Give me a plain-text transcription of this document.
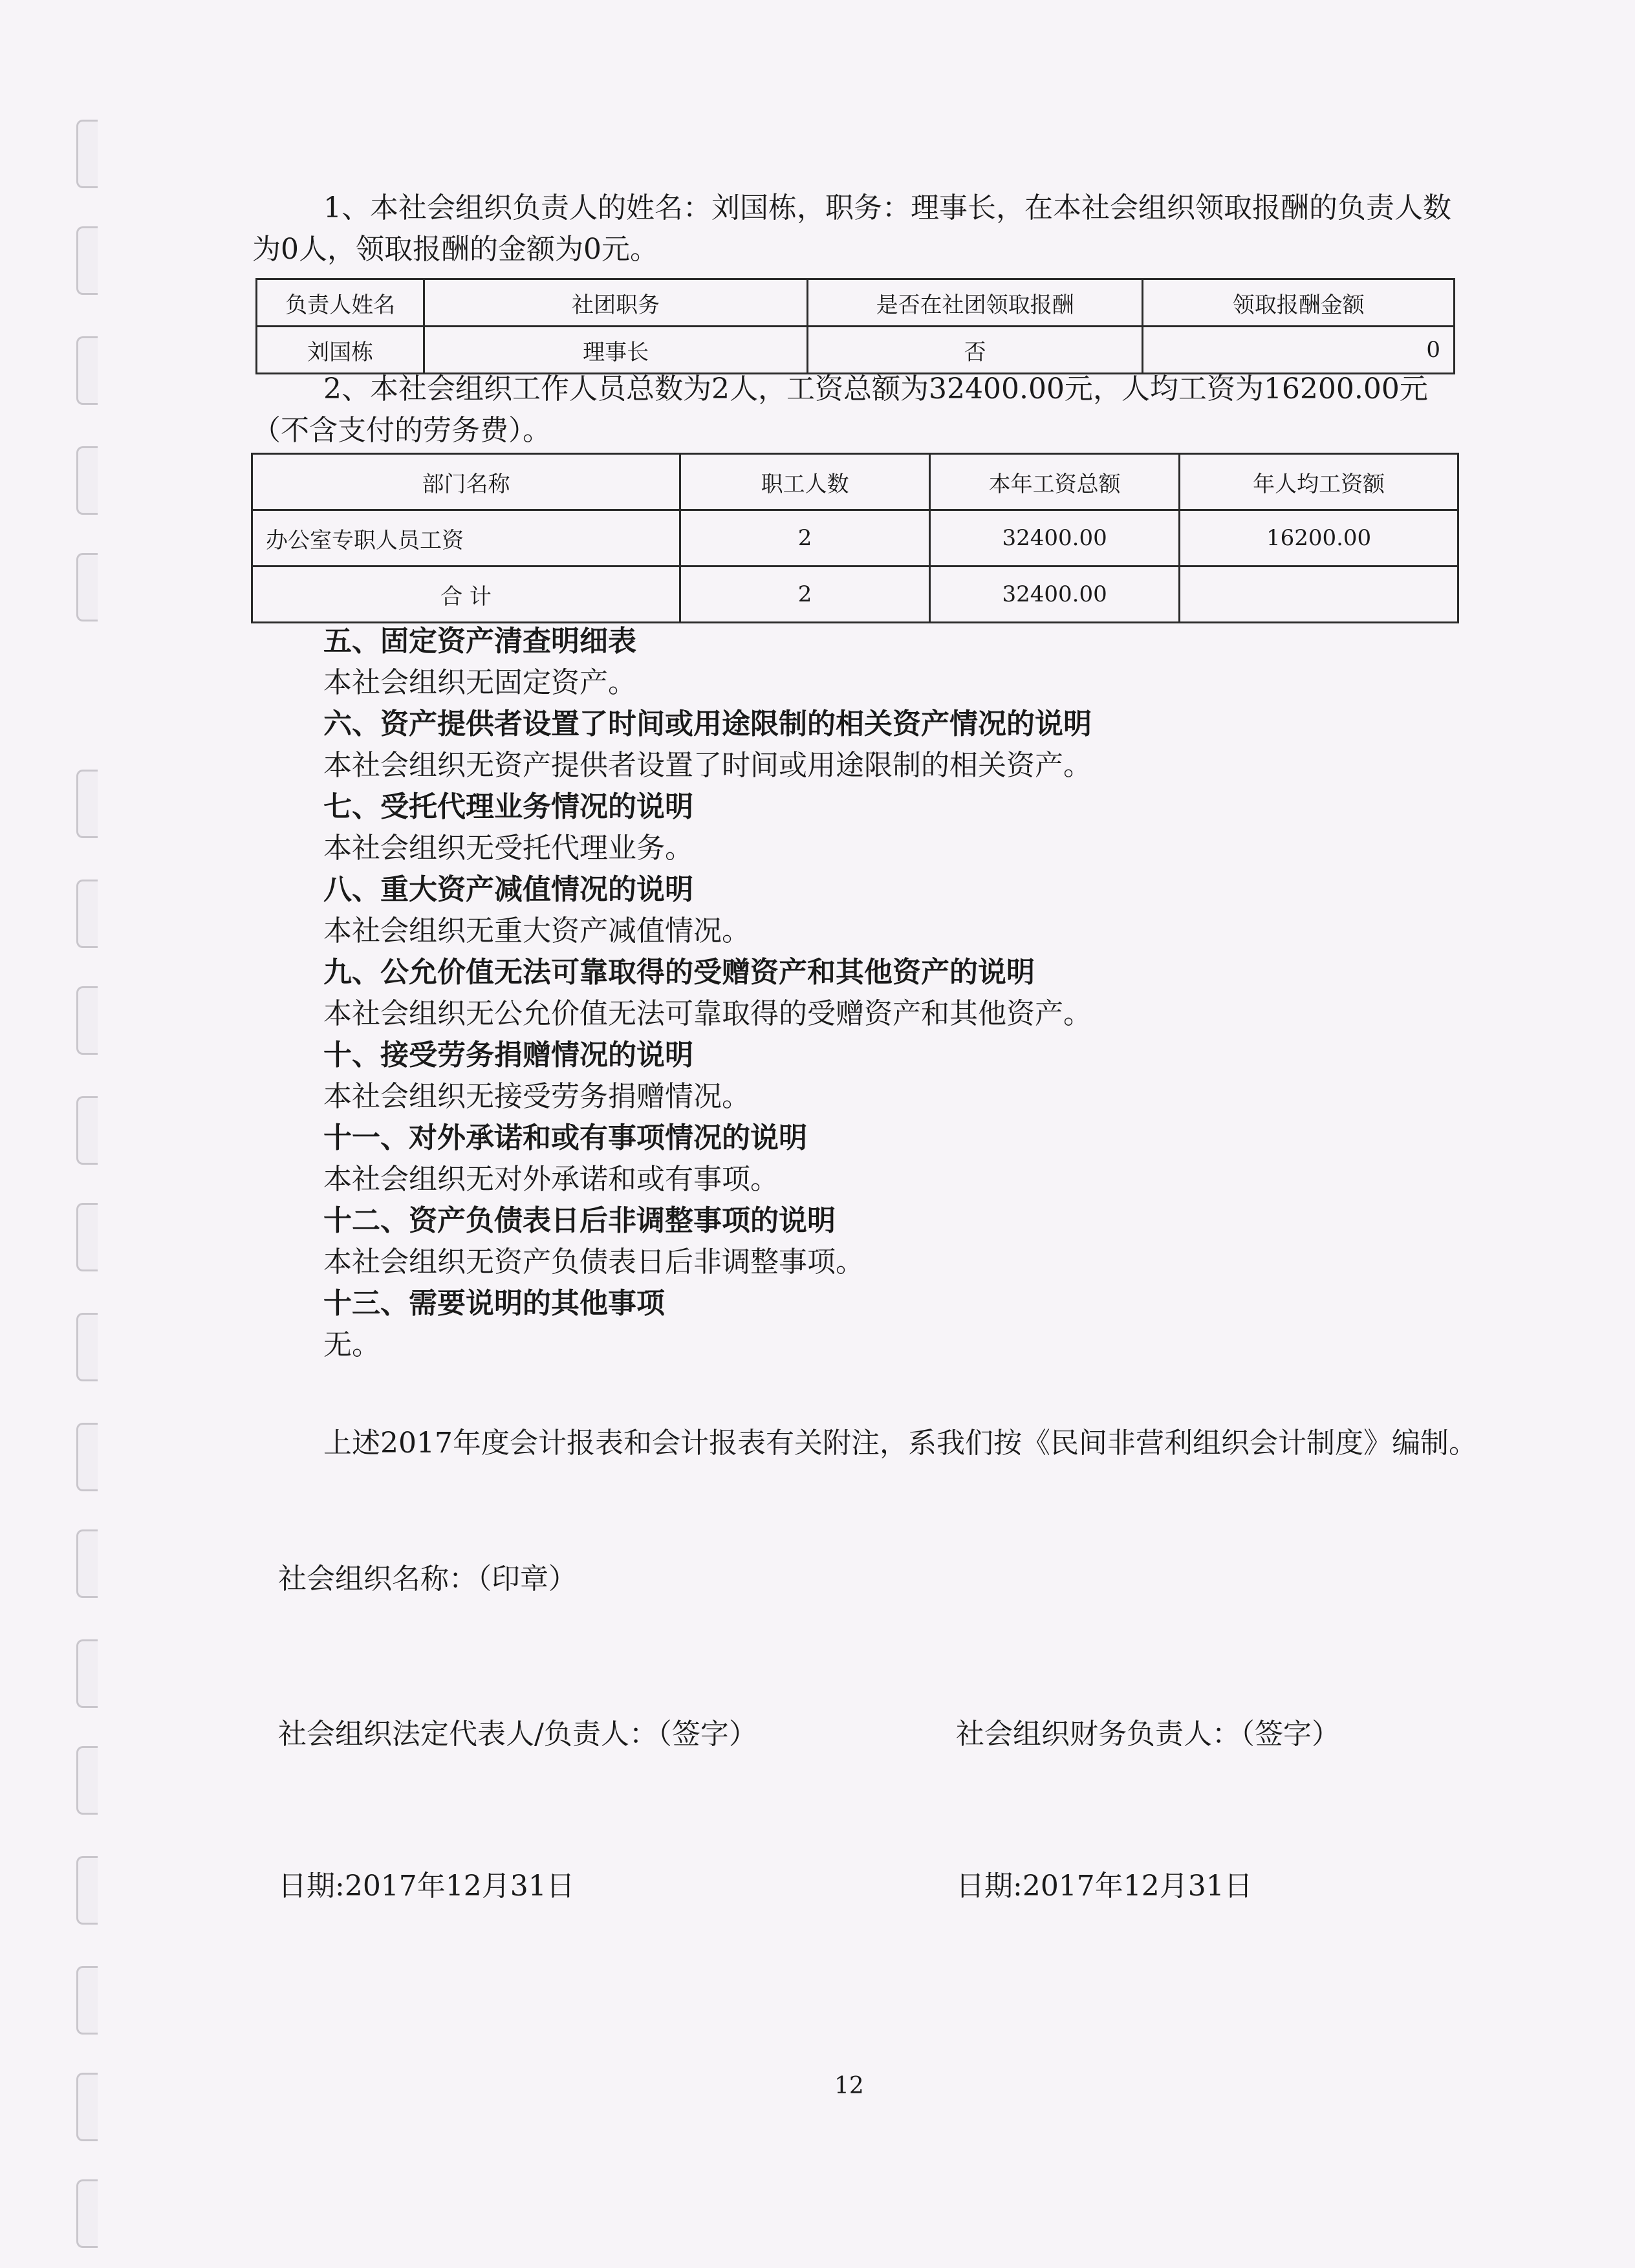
1、本社会组织负责人的姓名：刘国栋，职务：理事长，在本社会组织领取报酬的负责人数为0人，领取报酬的金额为0元。

负责人姓名	社团职务	是否在社团领取报酬	领取报酬金额
刘国栋	理事长	否	0

2、本社会组织工作人员总数为2人，工资总额为32400.00元，人均工资为16200.00元（不含支付的劳务费）。

部门名称	职工人数	本年工资总额	年人均工资额
办公室专职人员工资	2	32400.00	16200.00
合 计	2	32400.00	
五、固定资产清查明细表
本社会组织无固定资产。
六、资产提供者设置了时间或用途限制的相关资产情况的说明
本社会组织无资产提供者设置了时间或用途限制的相关资产。
七、受托代理业务情况的说明
本社会组织无受托代理业务。
八、重大资产减值情况的说明
本社会组织无重大资产减值情况。
九、公允价值无法可靠取得的受赠资产和其他资产的说明
本社会组织无公允价值无法可靠取得的受赠资产和其他资产。
十、接受劳务捐赠情况的说明
本社会组织无接受劳务捐赠情况。
十一、对外承诺和或有事项情况的说明
本社会组织无对外承诺和或有事项。
十二、资产负债表日后非调整事项的说明
本社会组织无资产负债表日后非调整事项。
十三、需要说明的其他事项
无。
上述2017年度会计报表和会计报表有关附注，系我们按《民间非营利组织会计制度》编制。
社会组织名称：（印章）
社会组织法定代表人/负责人：（签字）	社会组织财务负责人：（签字）
日期:2017年12月31日	日期:2017年12月31日
12
